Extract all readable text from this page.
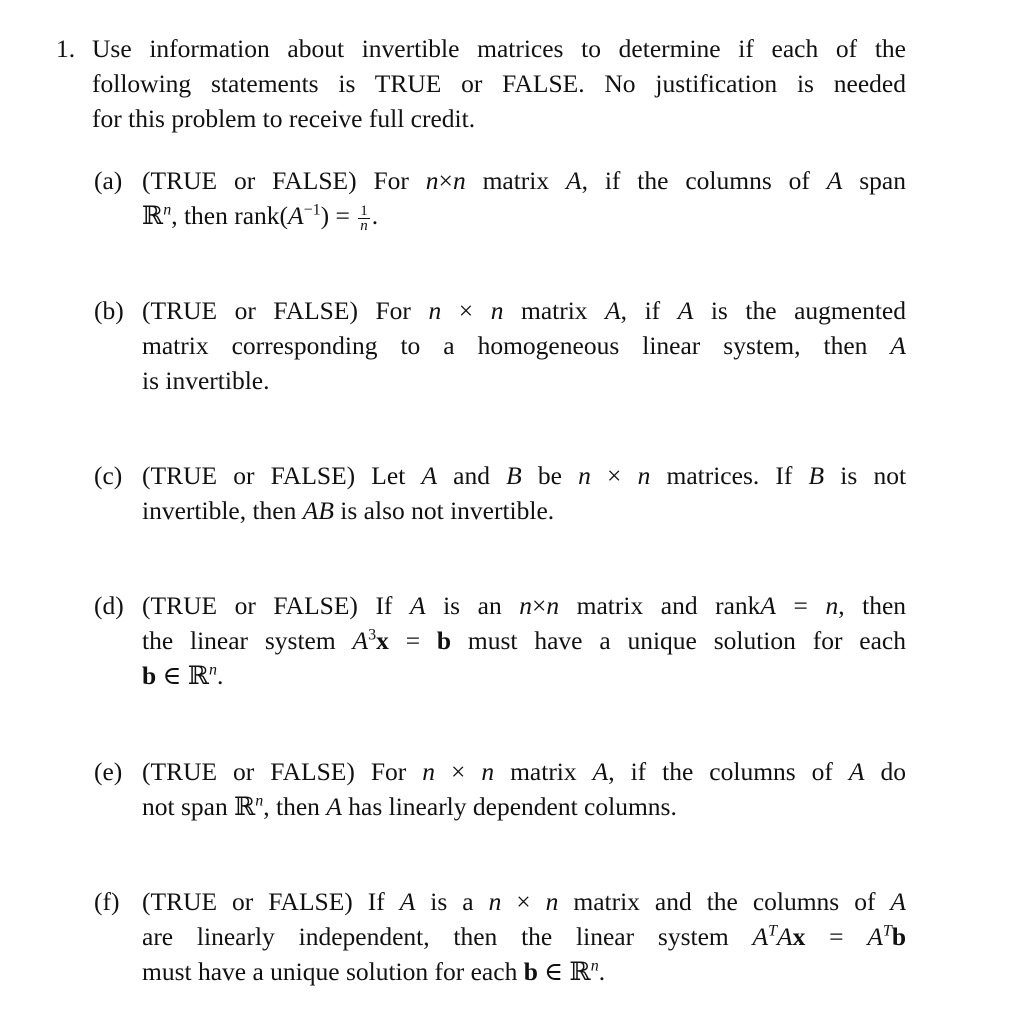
1. Use information about invertible matrices to determine if each of the
following statements is TRUE or FALSE. No justification is needed
for this problem to receive full credit.
(a) (TRUE or FALSE) For n×n matrix A, if the columns of A span
ℝ$^n$, then $rank(A^{-1}) = \frac{1}{n}$ .
(b) (TRUE or FALSE) For n × n matrix A, if A is the augmented
matrix corresponding to a homogeneous linear system, then A
is invertible.
(c) (TRUE or FALSE) Let A and B be n × n matrices. If B is not
invertible, then AB is also not invertible.
(d) (TRUE or FALSE) If A is an n×n matrix and rankA = n, then
the linear system $A^3x = b$ must have a unique solution for each
b ∈ ℝ$^n$.
(e) (TRUE or FALSE) For n × n matrix A, if the columns of A do
not span ℝ$^n$, then A has linearly dependent columns.
(f) (TRUE or FALSE) If A is a n × n matrix and the columns of A
are linearly independent, then the linear system $A^TAx = A^Tb$
must have a unique solution for each b ∈ ℝ$^n$.
